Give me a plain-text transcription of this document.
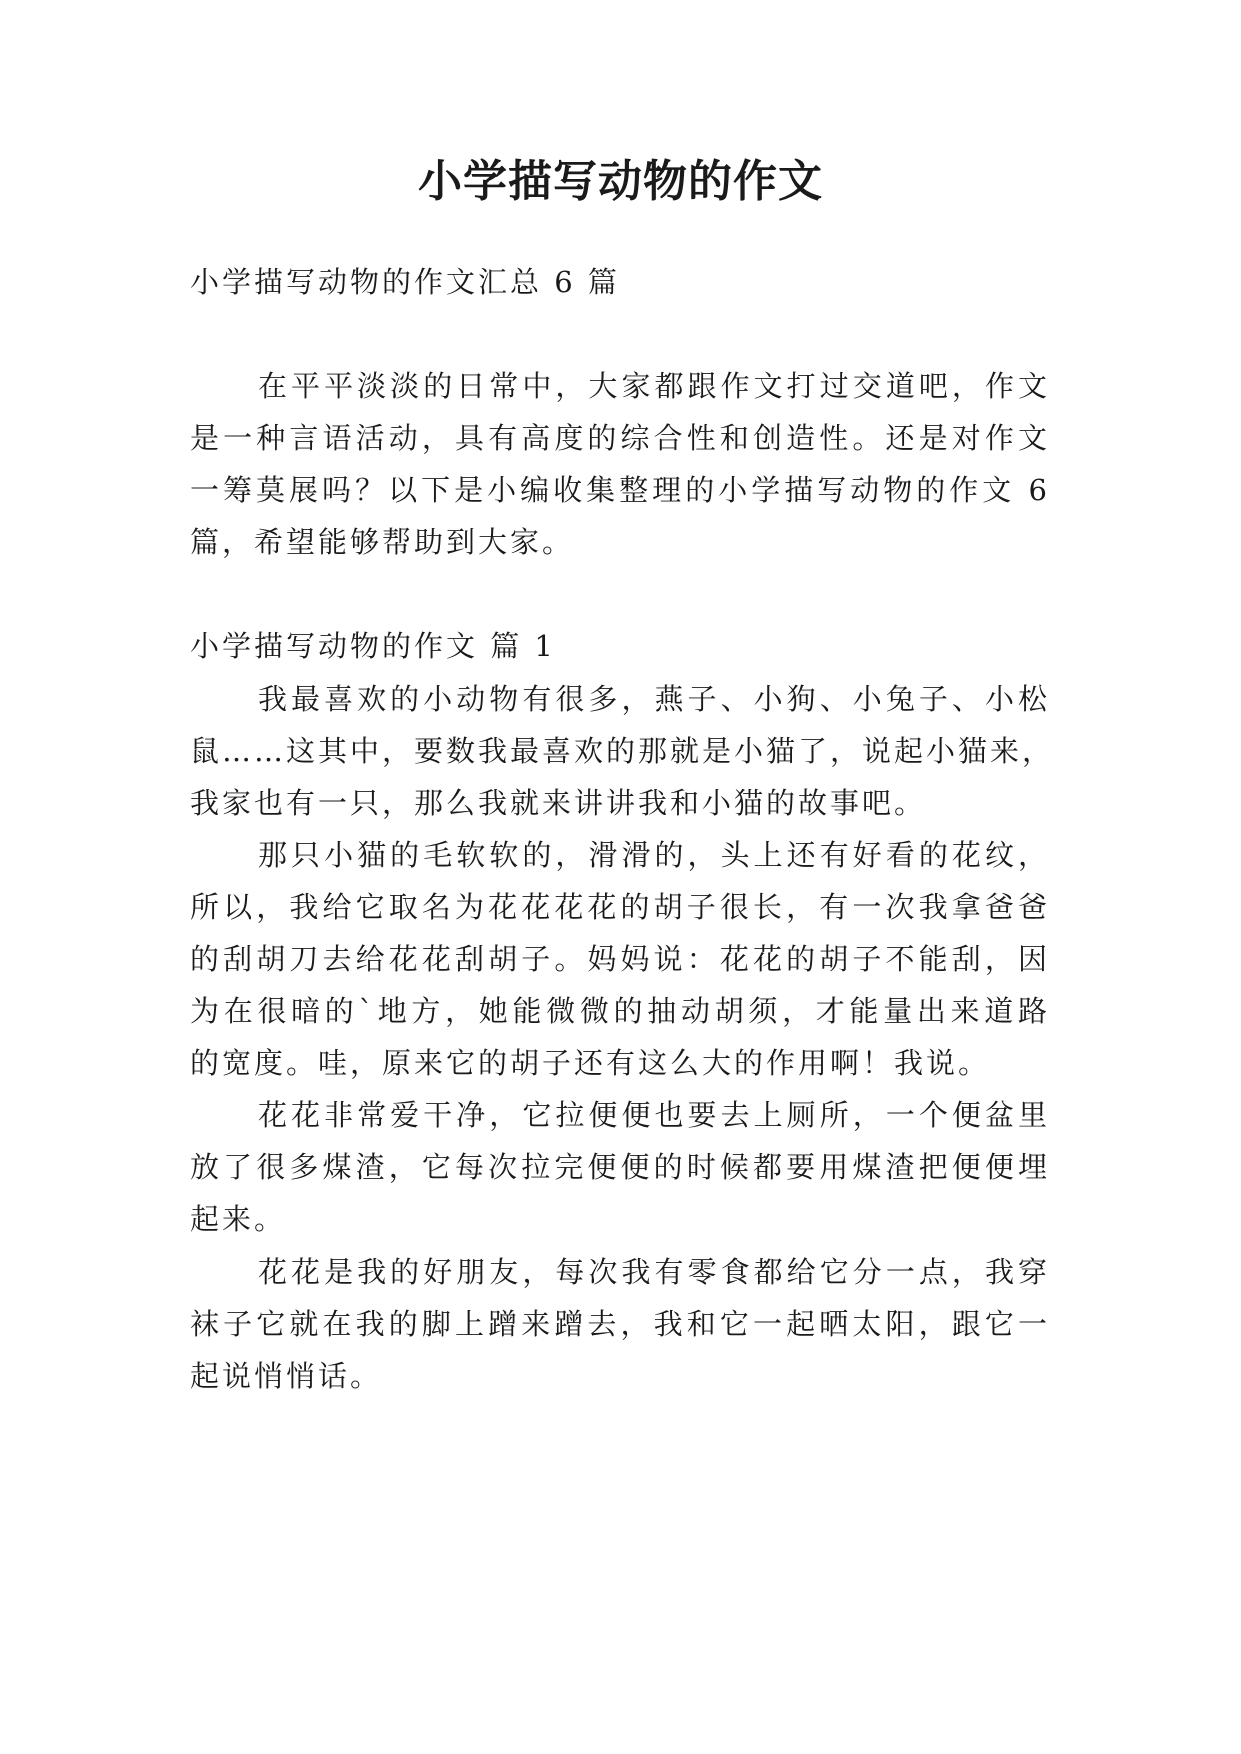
小学描写动物的作文
小学描写动物的作文汇总 6 篇
在平平淡淡的日常中，大家都跟作文打过交道吧，作文
是一种言语活动，具有高度的综合性和创造性。还是对作文
一筹莫展吗？以下是小编收集整理的小学描写动物的作文 6
篇，希望能够帮助到大家。
小学描写动物的作文 篇 1
我最喜欢的小动物有很多，燕子、小狗、小兔子、小松
鼠……这其中，要数我最喜欢的那就是小猫了，说起小猫来，
我家也有一只，那么我就来讲讲我和小猫的故事吧。
那只小猫的毛软软的，滑滑的，头上还有好看的花纹，
所以，我给它取名为花花花花的胡子很长，有一次我拿爸爸
的刮胡刀去给花花刮胡子。妈妈说：花花的胡子不能刮，因
为在很暗的`地方，她能微微的抽动胡须，才能量出来道路
的宽度。哇，原来它的胡子还有这么大的作用啊！我说。
花花非常爱干净，它拉便便也要去上厕所，一个便盆里
放了很多煤渣，它每次拉完便便的时候都要用煤渣把便便埋
起来。
花花是我的好朋友，每次我有零食都给它分一点，我穿
袜子它就在我的脚上蹭来蹭去，我和它一起晒太阳，跟它一
起说悄悄话。
